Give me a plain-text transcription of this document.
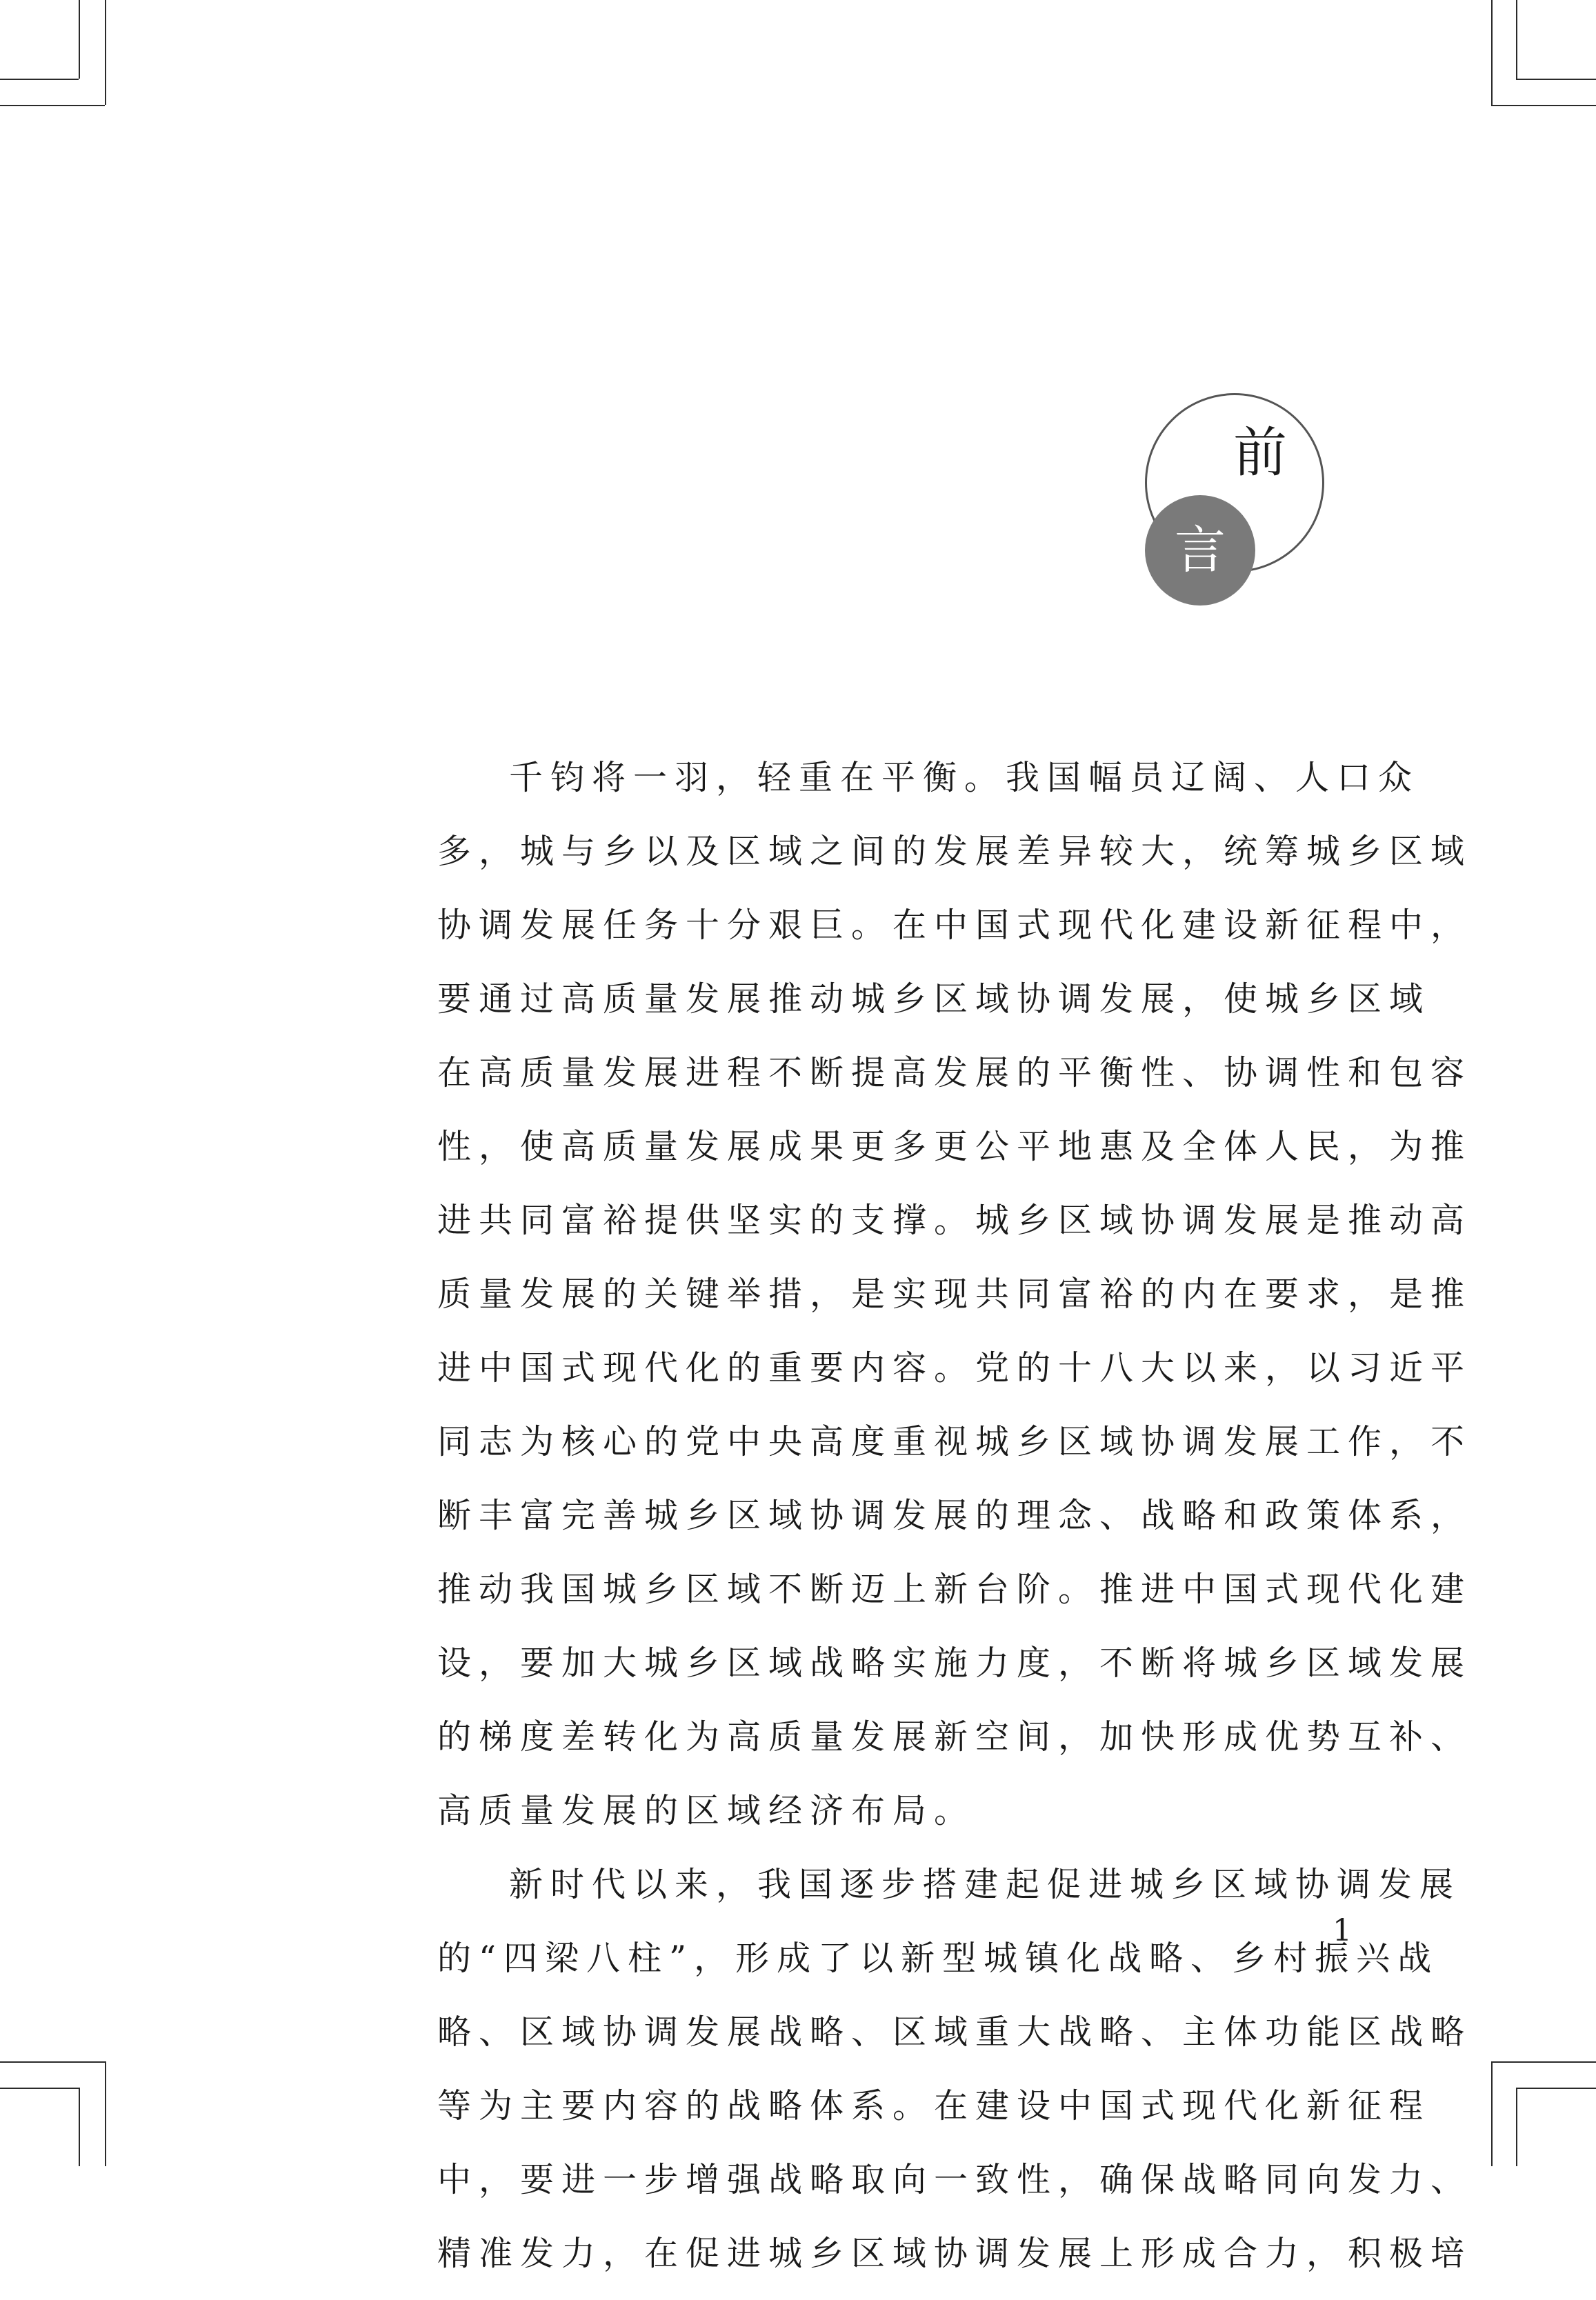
前
言
千钧将一羽，轻重在平衡。我国幅员辽阔、人口众
多，城与乡以及区域之间的发展差异较大，统筹城乡区域
协调发展任务十分艰巨。在中国式现代化建设新征程中，
要通过高质量发展推动城乡区域协调发展，使城乡区域
在高质量发展进程不断提高发展的平衡性、协调性和包容
性，使高质量发展成果更多更公平地惠及全体人民，为推
进共同富裕提供坚实的支撑。城乡区域协调发展是推动高
质量发展的关键举措，是实现共同富裕的内在要求，是推
进中国式现代化的重要内容。党的十八大以来，以习近平
同志为核心的党中央高度重视城乡区域协调发展工作，不
断丰富完善城乡区域协调发展的理念、战略和政策体系，
推动我国城乡区域不断迈上新台阶。推进中国式现代化建
设，要加大城乡区域战略实施力度，不断将城乡区域发展
的梯度差转化为高质量发展新空间，加快形成优势互补、
高质量发展的区域经济布局。
新时代以来，我国逐步搭建起促进城乡区域协调发展
的“四梁八柱”，形成了以新型城镇化战略、乡村振兴战
略、区域协调发展战略、区域重大战略、主体功能区战略
等为主要内容的战略体系。在建设中国式现代化新征程
中，要进一步增强战略取向一致性，确保战略同向发力、
精准发力，在促进城乡区域协调发展上形成合力，积极培
1
